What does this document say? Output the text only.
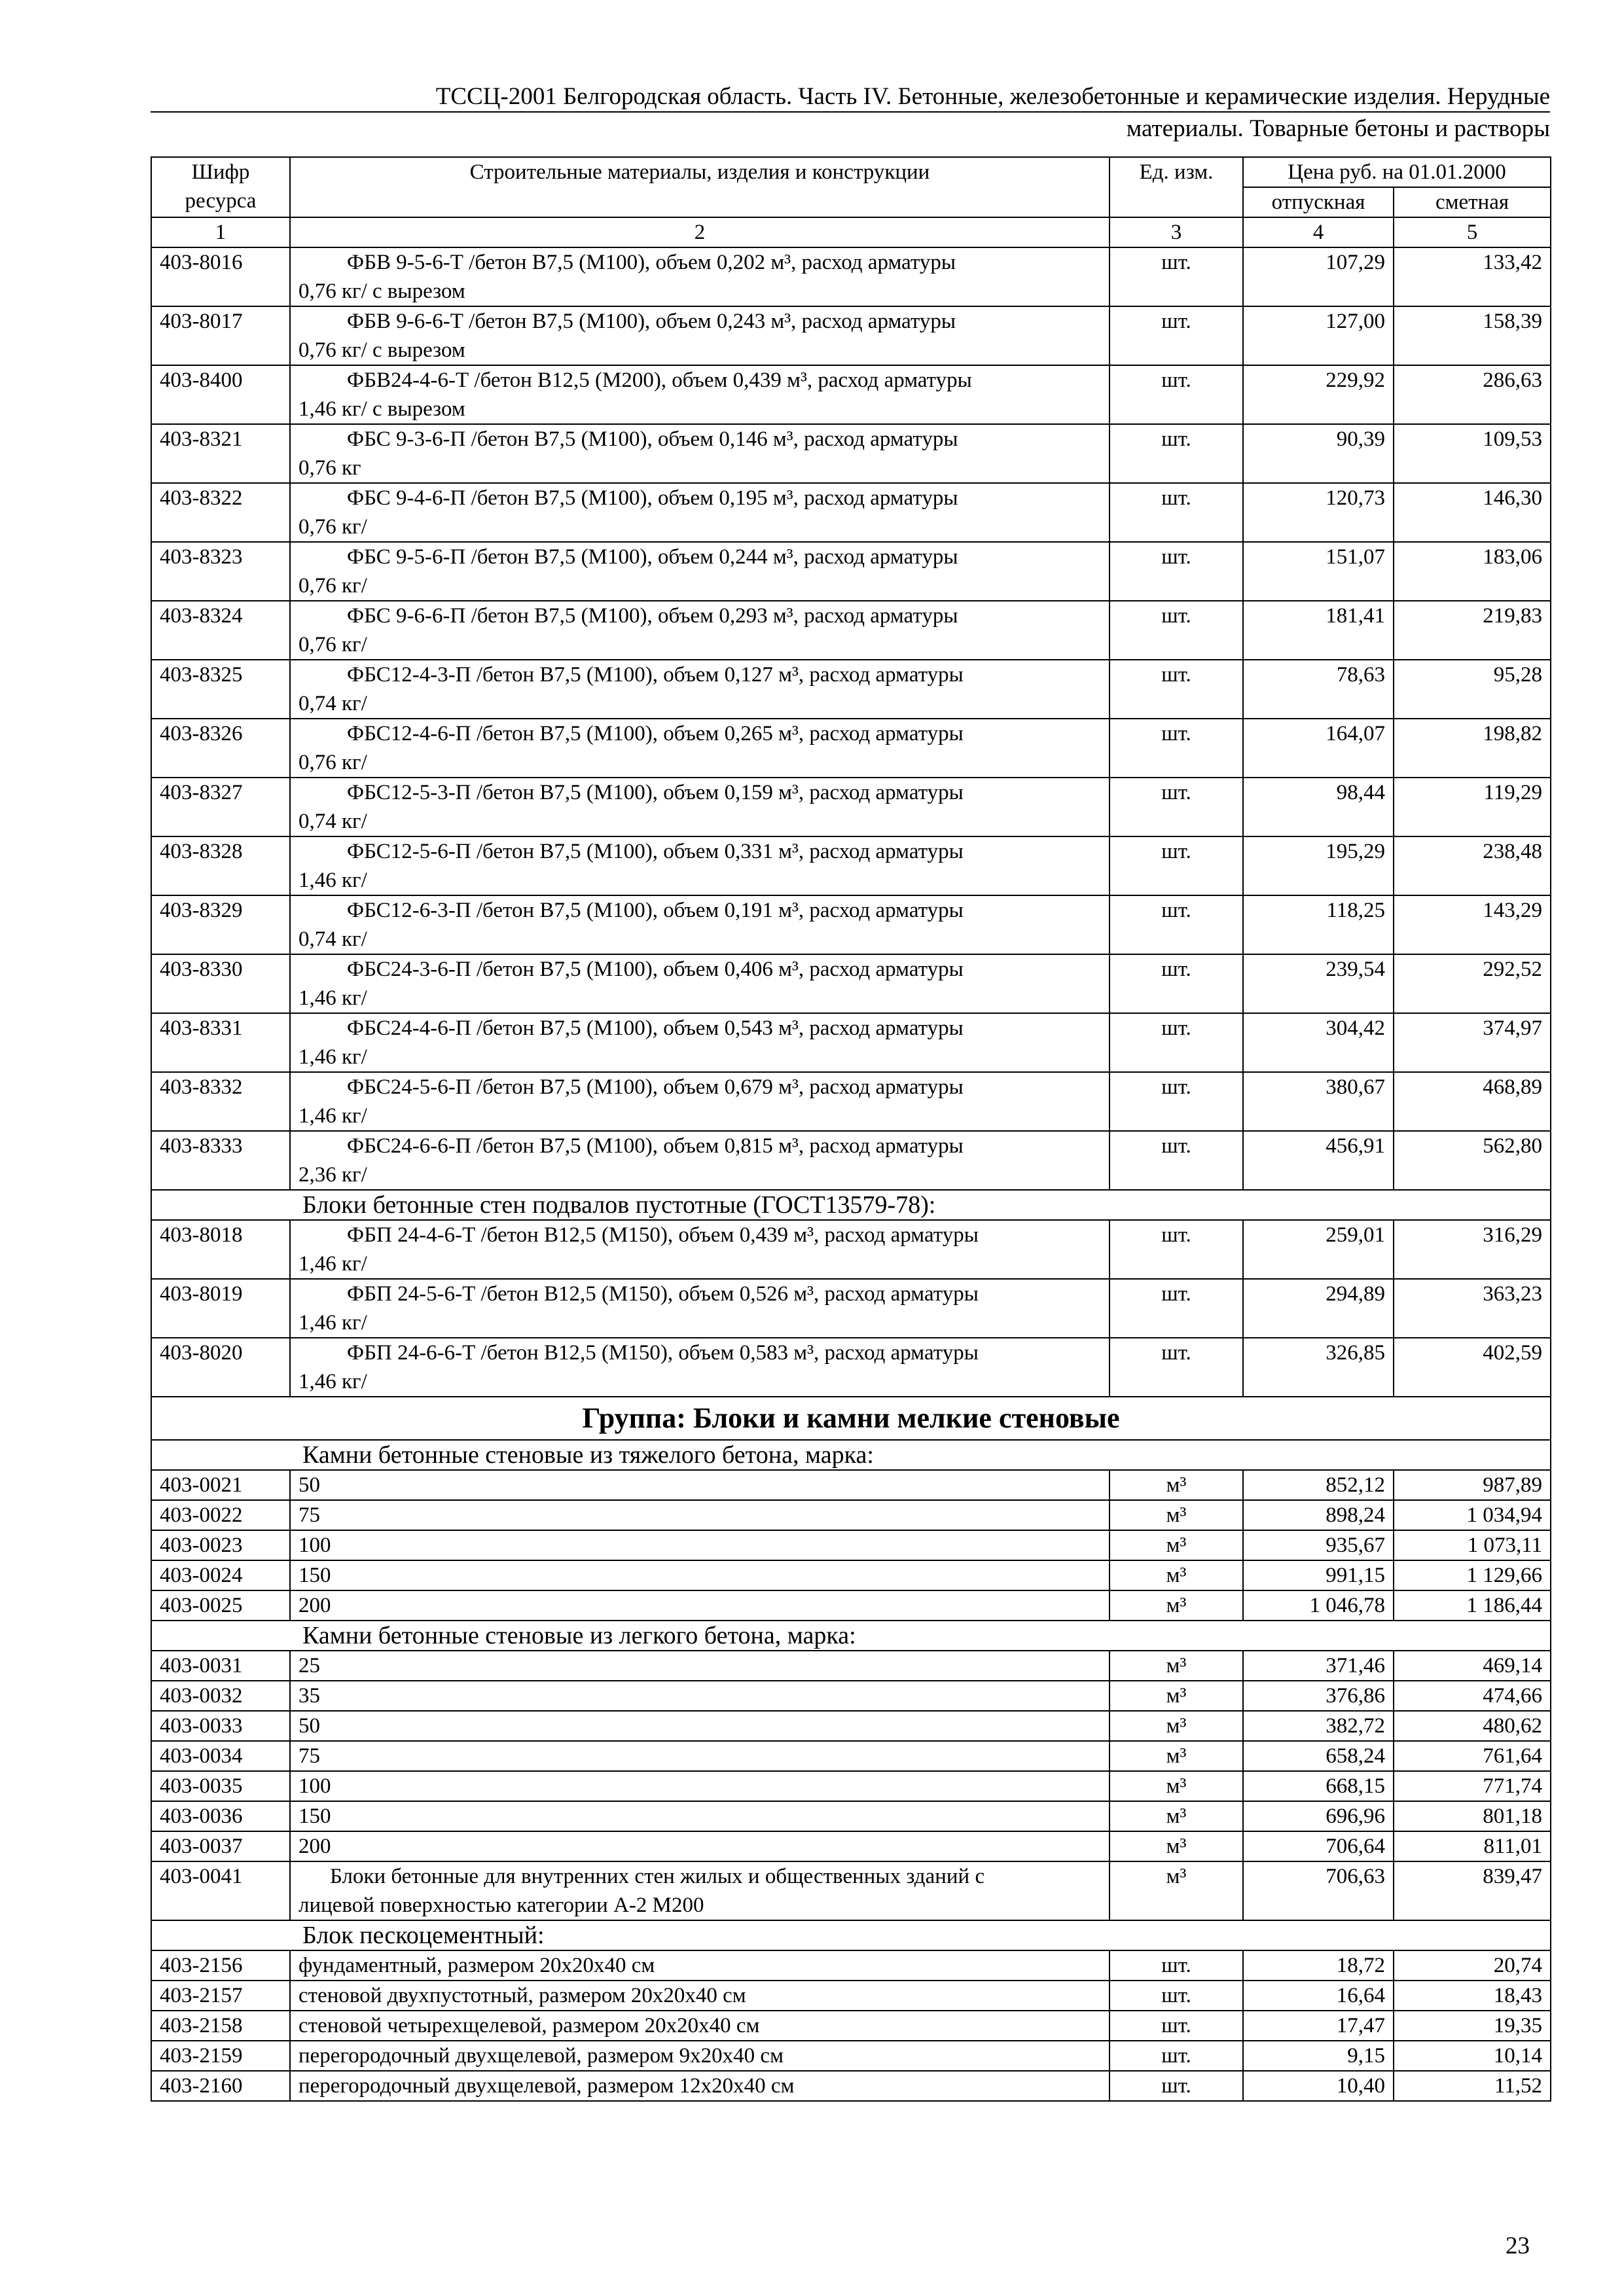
ТССЦ-2001 Белгородская область. Часть IV. Бетонные, железобетонные и керамические изделия. Нерудные
материалы. Товарные бетоны и растворы
Шифр ресурса	Строительные материалы, изделия и конструкции	Ед. изм.	Цена руб. на 01.01.2000	
			отпускная	сметная
1	2	3	4	5
403-8016	ФБВ 9-5-6-Т /бетон В7,5 (М100), объем 0,202 м³, расход арматуры
0,76 кг/ с вырезом	шт.	107,29	133,42
403-8017	ФБВ 9-6-6-Т /бетон В7,5 (М100), объем 0,243 м³, расход арматуры
0,76 кг/ с вырезом	шт.	127,00	158,39
403-8400	ФБВ24-4-6-Т /бетон В12,5 (М200), объем 0,439 м³, расход арматуры
1,46 кг/ с вырезом	шт.	229,92	286,63
403-8321	ФБС 9-3-6-П /бетон В7,5 (М100), объем 0,146 м³, расход арматуры
0,76 кг	шт.	90,39	109,53
403-8322	ФБС 9-4-6-П /бетон В7,5 (М100), объем 0,195 м³, расход арматуры
0,76 кг/	шт.	120,73	146,30
403-8323	ФБС 9-5-6-П /бетон В7,5 (М100), объем 0,244 м³, расход арматуры
0,76 кг/	шт.	151,07	183,06
403-8324	ФБС 9-6-6-П /бетон В7,5 (М100), объем 0,293 м³, расход арматуры
0,76 кг/	шт.	181,41	219,83
403-8325	ФБС12-4-3-П /бетон В7,5 (М100), объем 0,127 м³, расход арматуры
0,74 кг/	шт.	78,63	95,28
403-8326	ФБС12-4-6-П /бетон В7,5 (М100), объем 0,265 м³, расход арматуры
0,76 кг/	шт.	164,07	198,82
403-8327	ФБС12-5-3-П /бетон В7,5 (М100), объем 0,159 м³, расход арматуры
0,74 кг/	шт.	98,44	119,29
403-8328	ФБС12-5-6-П /бетон В7,5 (М100), объем 0,331 м³, расход арматуры
1,46 кг/	шт.	195,29	238,48
403-8329	ФБС12-6-3-П /бетон В7,5 (М100), объем 0,191 м³, расход арматуры
0,74 кг/	шт.	118,25	143,29
403-8330	ФБС24-3-6-П /бетон В7,5 (М100), объем 0,406 м³, расход арматуры
1,46 кг/	шт.	239,54	292,52
403-8331	ФБС24-4-6-П /бетон В7,5 (М100), объем 0,543 м³, расход арматуры
1,46 кг/	шт.	304,42	374,97
403-8332	ФБС24-5-6-П /бетон В7,5 (М100), объем 0,679 м³, расход арматуры
1,46 кг/	шт.	380,67	468,89
403-8333	ФБС24-6-6-П /бетон В7,5 (М100), объем 0,815 м³, расход арматуры
2,36 кг/	шт.	456,91	562,80
Блоки бетонные стен подвалов пустотные (ГОСТ13579-78):				
403-8018	ФБП 24-4-6-Т /бетон В12,5 (М150), объем 0,439 м³, расход арматуры
1,46 кг/	шт.	259,01	316,29
403-8019	ФБП 24-5-6-Т /бетон В12,5 (М150), объем 0,526 м³, расход арматуры
1,46 кг/	шт.	294,89	363,23
403-8020	ФБП 24-6-6-Т /бетон В12,5 (М150), объем 0,583 м³, расход арматуры
1,46 кг/	шт.	326,85	402,59
Группа: Блоки и камни мелкие стеновые				
Камни бетонные стеновые из тяжелого бетона, марка:				
403-0021	50	м³	852,12	987,89
403-0022	75	м³	898,24	1 034,94
403-0023	100	м³	935,67	1 073,11
403-0024	150	м³	991,15	1 129,66
403-0025	200	м³	1 046,78	1 186,44
Камни бетонные стеновые из легкого бетона, марка:				
403-0031	25	м³	371,46	469,14
403-0032	35	м³	376,86	474,66
403-0033	50	м³	382,72	480,62
403-0034	75	м³	658,24	761,64
403-0035	100	м³	668,15	771,74
403-0036	150	м³	696,96	801,18
403-0037	200	м³	706,64	811,01
403-0041	Блоки бетонные для внутренних стен жилых и общественных зданий с
лицевой поверхностью категории А-2 М200	м³	706,63	839,47
Блок пескоцементный:				
403-2156	фундаментный, размером 20х20х40 см	шт.	18,72	20,74
403-2157	стеновой двухпустотный, размером 20х20х40 см	шт.	16,64	18,43
403-2158	стеновой четырехщелевой, размером 20х20х40 см	шт.	17,47	19,35
403-2159	перегородочный двухщелевой, размером 9х20х40 см	шт.	9,15	10,14
403-2160	перегородочный двухщелевой, размером 12х20х40 см	шт.	10,40	11,52
23
